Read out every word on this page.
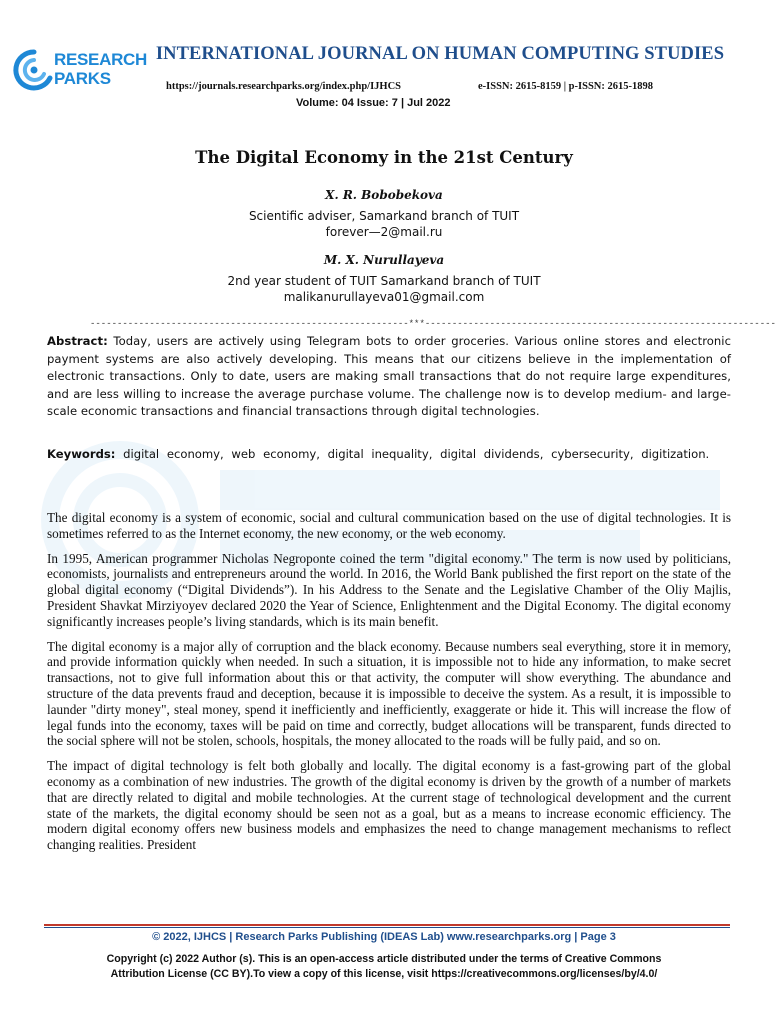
RESEARCH
PARKS
INTERNATIONAL JOURNAL ON HUMAN COMPUTING STUDIES
https://journals.researchparks.org/index.php/IJHCS	e-ISSN: 2615-8159 | p-ISSN: 2615-1898
Volume: 04 Issue: 7 | Jul 2022
The Digital Economy in the 21st Century
X. R. Bobobekova
Scientific adviser, Samarkand branch of TUIT
forever—2@mail.ru
M. X. Nurullayeva
2nd year student of TUIT Samarkand branch of TUIT
malikanurullayeva01@gmail.com
-----------------------------------------------------------***-----------------------------------------------------------------
Abstract: Today, users are actively using Telegram bots to order groceries. Various online stores and electronic payment systems are also actively developing. This means that our citizens believe in the implementation of electronic transactions. Only to date, users are making small transactions that do not require large expenditures, and are less willing to increase the average purchase volume. The challenge now is to develop medium- and large-scale economic transactions and financial transactions through digital technologies.
Keywords: digital economy, web economy, digital inequality, digital dividends, cybersecurity, digitization.

The digital economy is a system of economic, social and cultural communication based on the use of digital technologies. It is sometimes referred to as the Internet economy, the new economy, or the web economy.

In 1995, American programmer Nicholas Negroponte coined the term "digital economy." The term is now used by politicians, economists, journalists and entrepreneurs around the world. In 2016, the World Bank published the first report on the state of the global digital economy (“Digital Dividends”). In his Address to the Senate and the Legislative Chamber of the Oliy Majlis, President Shavkat Mirziyoyev declared 2020 the Year of Science, Enlightenment and the Digital Economy. The digital economy significantly increases people’s living standards, which is its main benefit.

The digital economy is a major ally of corruption and the black economy. Because numbers seal everything, store it in memory, and provide information quickly when needed. In such a situation, it is impossible not to hide any information, to make secret transactions, not to give full information about this or that activity, the computer will show everything. The abundance and structure of the data prevents fraud and deception, because it is impossible to deceive the system. As a result, it is impossible to launder "dirty money", steal money, spend it inefficiently and inefficiently, exaggerate or hide it. This will increase the flow of legal funds into the economy, taxes will be paid on time and correctly, budget allocations will be transparent, funds directed to the social sphere will not be stolen, schools, hospitals, the money allocated to the roads will be fully paid, and so on.

The impact of digital technology is felt both globally and locally. The digital economy is a fast-growing part of the global economy as a combination of new industries. The growth of the digital economy is driven by the growth of a number of markets that are directly related to digital and mobile technologies. At the current stage of technological development and the current state of the markets, the digital economy should be seen not as a goal, but as a means to increase economic efficiency. The modern digital economy offers new business models and emphasizes the need to change management mechanisms to reflect changing realities. President

© 2022, IJHCS | Research Parks Publishing (IDEAS Lab) www.researchparks.org | Page 3
Copyright (c) 2022 Author (s). This is an open-access article distributed under the terms of Creative Commons
Attribution License (CC BY).To view a copy of this license, visit https://creativecommons.org/licenses/by/4.0/
